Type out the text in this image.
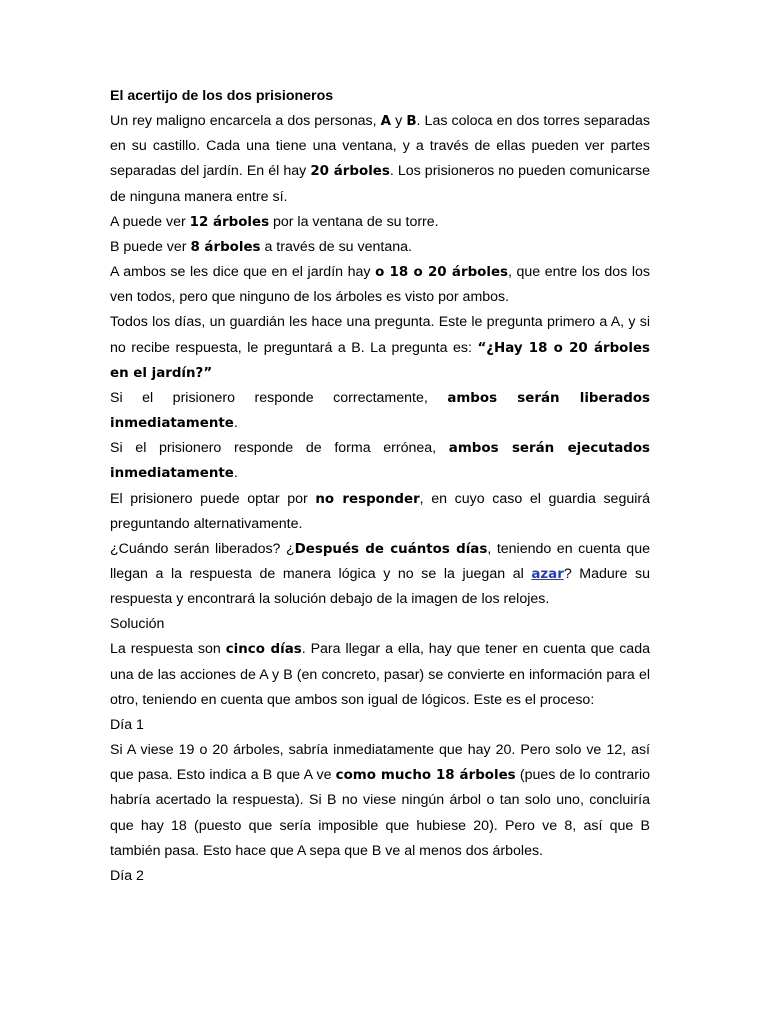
El acertijo de los dos prisioneros

Un rey maligno encarcela a dos personas, A y B. Las coloca en dos torres separadas en su castillo. Cada una tiene una ventana, y a través de ellas pueden ver partes separadas del jardín. En él hay 20 árboles. Los prisioneros no pueden comunicarse de ninguna manera entre sí.

A puede ver 12 árboles por la ventana de su torre.

B puede ver 8 árboles a través de su ventana.

A ambos se les dice que en el jardín hay o 18 o 20 árboles, que entre los dos los ven todos, pero que ninguno de los árboles es visto por ambos.

Todos los días, un guardián les hace una pregunta. Este le pregunta primero a A, y si no recibe respuesta, le preguntará a B. La pregunta es: “¿Hay 18 o 20 árboles en el jardín?”

Si el prisionero responde correctamente, ambos serán liberados inmediatamente.

Si el prisionero responde de forma errónea, ambos serán ejecutados inmediatamente.

El prisionero puede optar por no responder, en cuyo caso el guardia seguirá preguntando alternativamente.

¿Cuándo serán liberados? ¿Después de cuántos días, teniendo en cuenta que llegan a la respuesta de manera lógica y no se la juegan al azar? Madure su respuesta y encontrará la solución debajo de la imagen de los relojes.

Solución

La respuesta son cinco días. Para llegar a ella, hay que tener en cuenta que cada una de las acciones de A y B (en concreto, pasar) se convierte en información para el otro, teniendo en cuenta que ambos son igual de lógicos. Este es el proceso:

Día 1

Si A viese 19 o 20 árboles, sabría inmediatamente que hay 20. Pero solo ve 12, así que pasa. Esto indica a B que A ve como mucho 18 árboles (pues de lo contrario habría acertado la respuesta). Si B no viese ningún árbol o tan solo uno, concluiría que hay 18 (puesto que sería imposible que hubiese 20). Pero ve 8, así que B también pasa. Esto hace que A sepa que B ve al menos dos árboles.

Día 2
